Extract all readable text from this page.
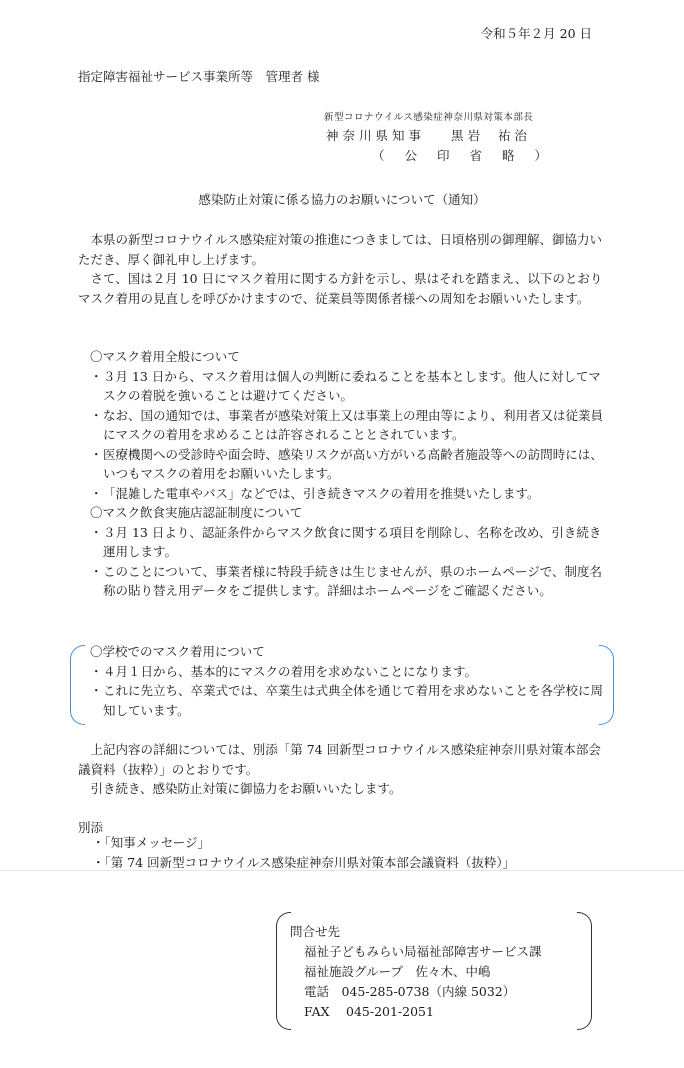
令和５年２月 20 日
指定障害福祉サービス事業所等　管理者 様
新型コロナウイルス感染症神奈川県対策本部長
神奈川県知事 黒岩 祐治
（公印省略）
感染防止対策に係る協力のお願いについて（通知）

本県の新型コロナウイルス感染症対策の推進につきましては、日頃格別の御理解、御協力いただき、厚く御礼申し上げます。

さて、国は２月 10 日にマスク着用に関する方針を示し、県はそれを踏まえ、以下のとおりマスク着用の見直しを呼びかけますので、従業員等関係者様への周知をお願いいたします。

〇マスク着用全般について

・ ３月 13 日から、マスク着用は個人の判断に委ねることを基本とします。他人に対してマスクの着脱を強いることは避けてください。
・ なお、国の通知では、事業者が感染対策上又は事業上の理由等により、利用者又は従業員にマスクの着用を求めることは許容されることとされています。
・ 医療機関への受診時や面会時、感染リスクが高い方がいる高齢者施設等への訪問時には、いつもマスクの着用をお願いいたします。
・ 「混雑した電車やバス」などでは、引き続きマスクの着用を推奨いたします。

〇マスク飲食実施店認証制度について

・ ３月 13 日より、認証条件からマスク飲食に関する項目を削除し、名称を改め、引き続き運用します。
・ このことについて、事業者様に特段手続きは生じませんが、県のホームページで、制度名称の貼り替え用データをご提供します。詳細はホームページをご確認ください。

〇学校でのマスク着用について

・ ４月１日から、基本的にマスクの着用を求めないことになります。
・ これに先立ち、卒業式では、卒業生は式典全体を通じて着用を求めないことを各学校に周知しています。

上記内容の詳細については、別添「第 74 回新型コロナウイルス感染症神奈川県対策本部会議資料（抜粋）」のとおりです。

引き続き、感染防止対策に御協力をお願いいたします。

別添
・「知事メッセージ」
・「第 74 回新型コロナウイルス感染症神奈川県対策本部会議資料（抜粋）」
問合せ先
福祉子どもみらい局福祉部障害サービス課
福祉施設グループ　佐々木、中嶋
電話　045-285-0738（内線 5032）
FAX　 045-201-2051
